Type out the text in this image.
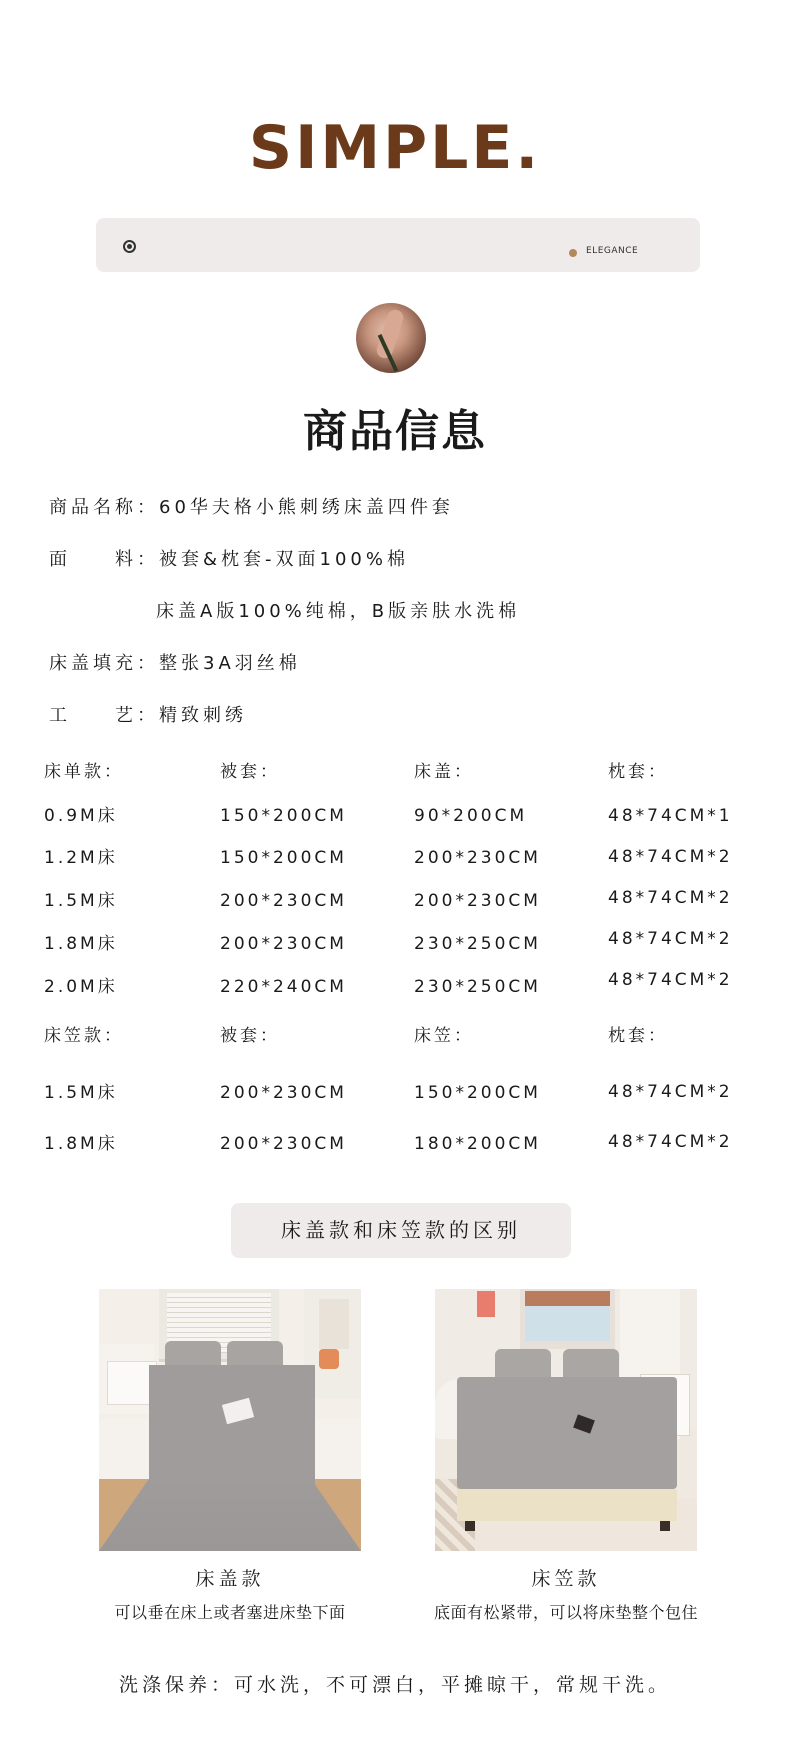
SIMPLE.
ELEGANCE
商品信息
商品名称：60华夫格小熊刺绣床盖四件套
面　　料：被套&枕套-双面100%棉
床盖A版100%纯棉，B版亲肤水洗棉
床盖填充：整张3A羽丝棉
工　　艺：精致刺绣
床单款：	被套：	床盖：	枕套：
0.9M床	150*200CM	90*200CM	48*74CM*1
1.2M床	150*200CM	200*230CM	48*74CM*2
1.5M床	200*230CM	200*230CM	48*74CM*2
1.8M床	200*230CM	230*250CM	48*74CM*2
2.0M床	220*240CM	230*250CM	48*74CM*2
床笠款：	被套：	床笠：	枕套：
1.5M床	200*230CM	150*200CM	48*74CM*2
1.8M床	200*230CM	180*200CM	48*74CM*2
床盖款和床笠款的区别
床盖款
可以垂在床上或者塞进床垫下面
床笠款
底面有松紧带，可以将床垫整个包住
洗涤保养：可水洗，不可漂白，平摊晾干，常规干洗。
